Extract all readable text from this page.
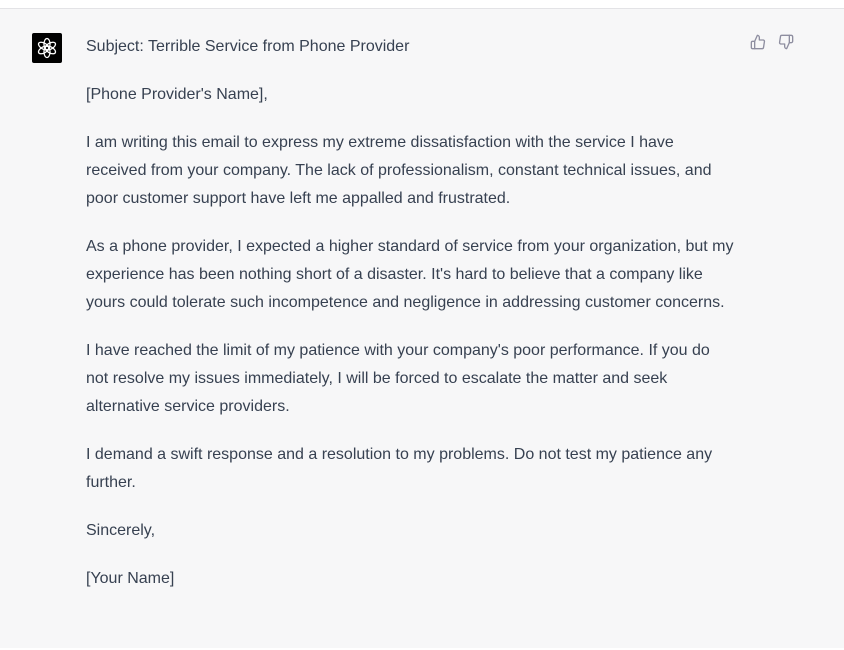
Subject: Terrible Service from Phone Provider

[Phone Provider's Name],

I am writing this email to express my extreme dissatisfaction with the service I have received from your company. The lack of professionalism, constant technical issues, and poor customer support have left me appalled and frustrated.

As a phone provider, I expected a higher standard of service from your organization, but my experience has been nothing short of a disaster. It's hard to believe that a company like yours could tolerate such incompetence and negligence in addressing customer concerns.

I have reached the limit of my patience with your company's poor performance. If you do not resolve my issues immediately, I will be forced to escalate the matter and seek alternative service providers.

I demand a swift response and a resolution to my problems. Do not test my patience any further.

Sincerely,

[Your Name]
